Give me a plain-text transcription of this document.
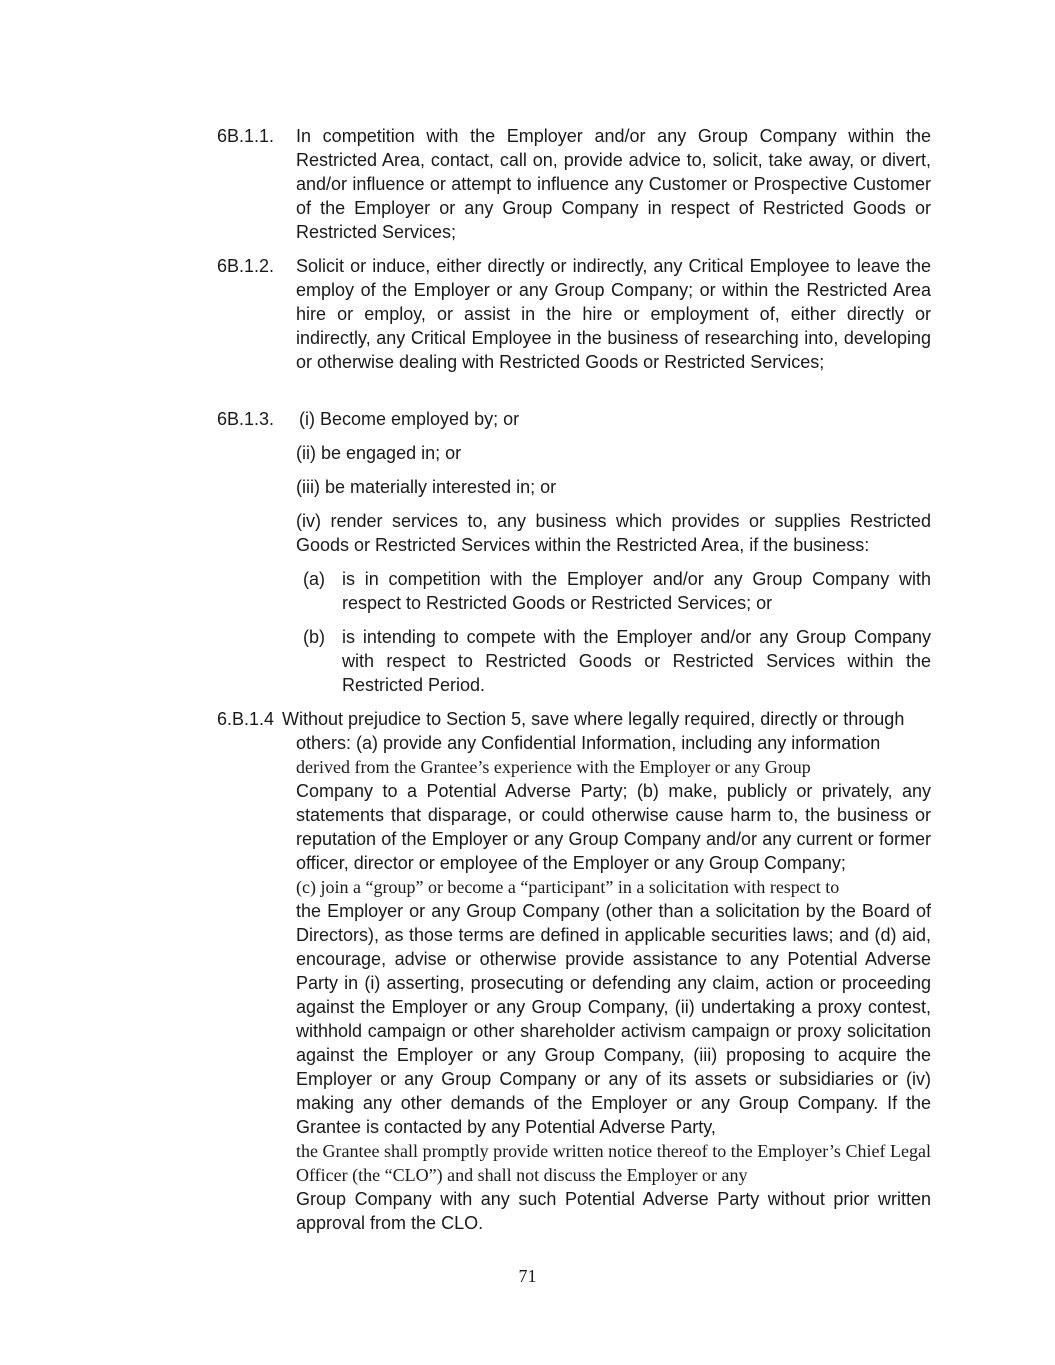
6B.1.1. In competition with the Employer and/or any Group Company within the Restricted Area, contact, call on, provide advice to, solicit, take away, or divert, and/or influence or attempt to influence any Customer or Prospective Customer of the Employer or any Group Company in respect of Restricted Goods or Restricted Services;
6B.1.2. Solicit or induce, either directly or indirectly, any Critical Employee to leave the employ of the Employer or any Group Company; or within the Restricted Area hire or employ, or assist in the hire or employment of, either directly or indirectly, any Critical Employee in the business of researching into, developing or otherwise dealing with Restricted Goods or Restricted Services;
6B.1.3. (i) Become employed by; or
(ii) be engaged in; or
(iii) be materially interested in; or
(iv) render services to, any business which provides or supplies Restricted Goods or Restricted Services within the Restricted Area, if the business:
(a) is in competition with the Employer and/or any Group Company with respect to Restricted Goods or Restricted Services; or
(b) is intending to compete with the Employer and/or any Group Company with respect to Restricted Goods or Restricted Services within the Restricted Period.
6.B.1.4 Without prejudice to Section 5, save where legally required, directly or through

others: (a) provide any Confidential Information, including any information

derived from the Grantee’s experience with the Employer or any Group

Company to a Potential Adverse Party; (b) make, publicly or privately, any statements that disparage, or could otherwise cause harm to, the business or reputation of the Employer or any Group Company and/or any current or former officer, director or employee of the Employer or any Group Company;

(c) join a “group” or become a “participant” in a solicitation with respect to

the Employer or any Group Company (other than a solicitation by the Board of Directors), as those terms are defined in applicable securities laws; and (d) aid, encourage, advise or otherwise provide assistance to any Potential Adverse Party in (i) asserting, prosecuting or defending any claim, action or proceeding against the Employer or any Group Company, (ii) undertaking a proxy contest, withhold campaign or other shareholder activism campaign or proxy solicitation against the Employer or any Group Company, (iii) proposing to acquire the Employer or any Group Company or any of its assets or subsidiaries or (iv) making any other demands of the Employer or any Group Company. If the Grantee is contacted by any Potential Adverse Party,

the Grantee shall promptly provide written notice thereof to the Employer’s Chief Legal Officer (the “CLO”) and shall not discuss the Employer or any

Group Company with any such Potential Adverse Party without prior written approval from the CLO.

71
